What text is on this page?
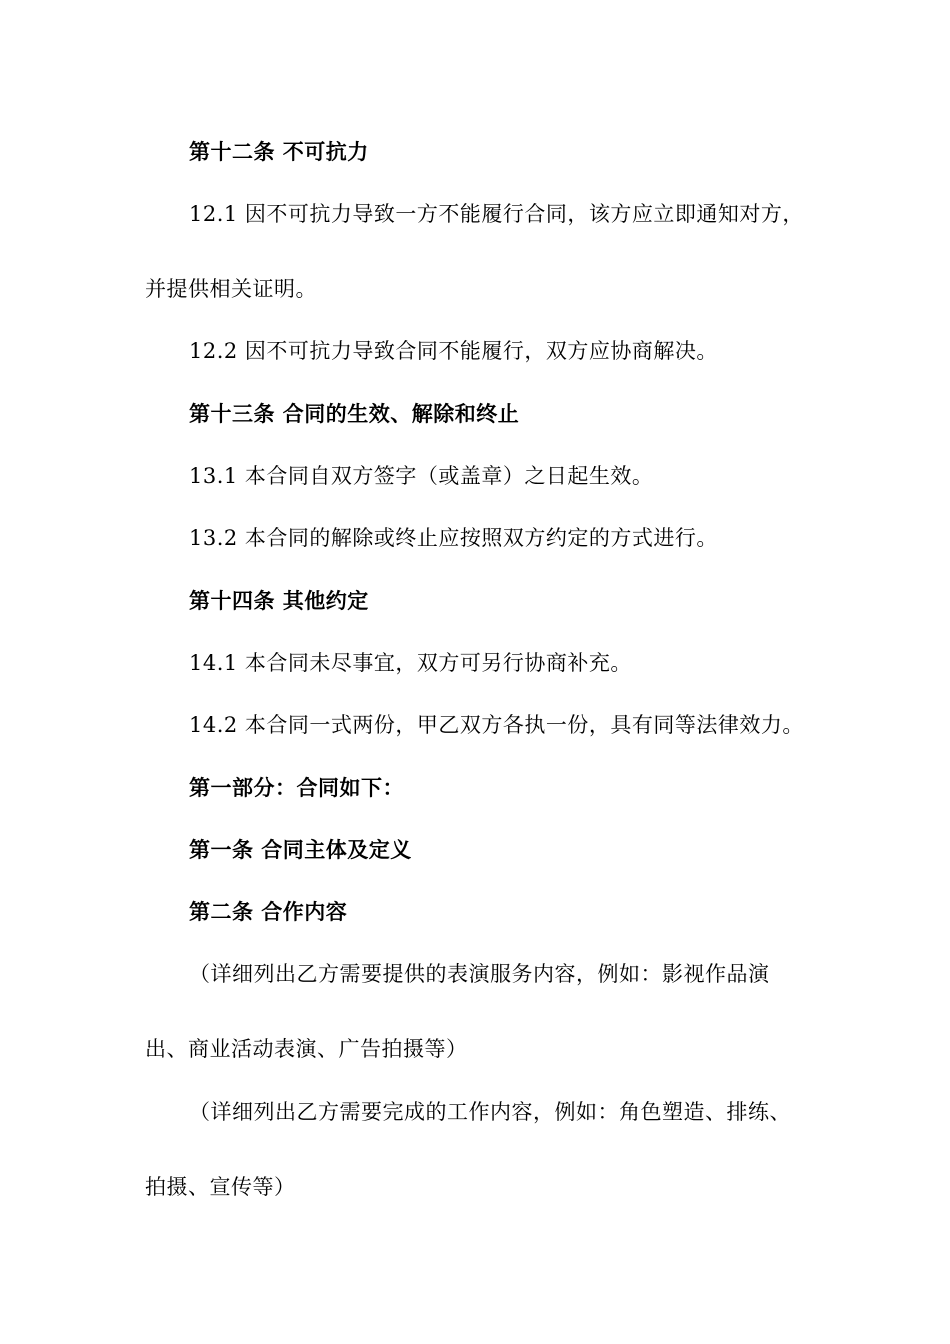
第十二条 不可抗力
12.1 因不可抗力导致一方不能履行合同，该方应立即通知对方，
并提供相关证明。
12.2 因不可抗力导致合同不能履行，双方应协商解决。
第十三条 合同的生效、解除和终止
13.1 本合同自双方签字（或盖章）之日起生效。
13.2 本合同的解除或终止应按照双方约定的方式进行。
第十四条 其他约定
14.1 本合同未尽事宜，双方可另行协商补充。
14.2 本合同一式两份，甲乙双方各执一份，具有同等法律效力。
第一部分：合同如下：
第一条 合同主体及定义
第二条 合作内容
（详细列出乙方需要提供的表演服务内容，例如：影视作品演
出、商业活动表演、广告拍摄等）
（详细列出乙方需要完成的工作内容，例如：角色塑造、排练、
拍摄、宣传等）
